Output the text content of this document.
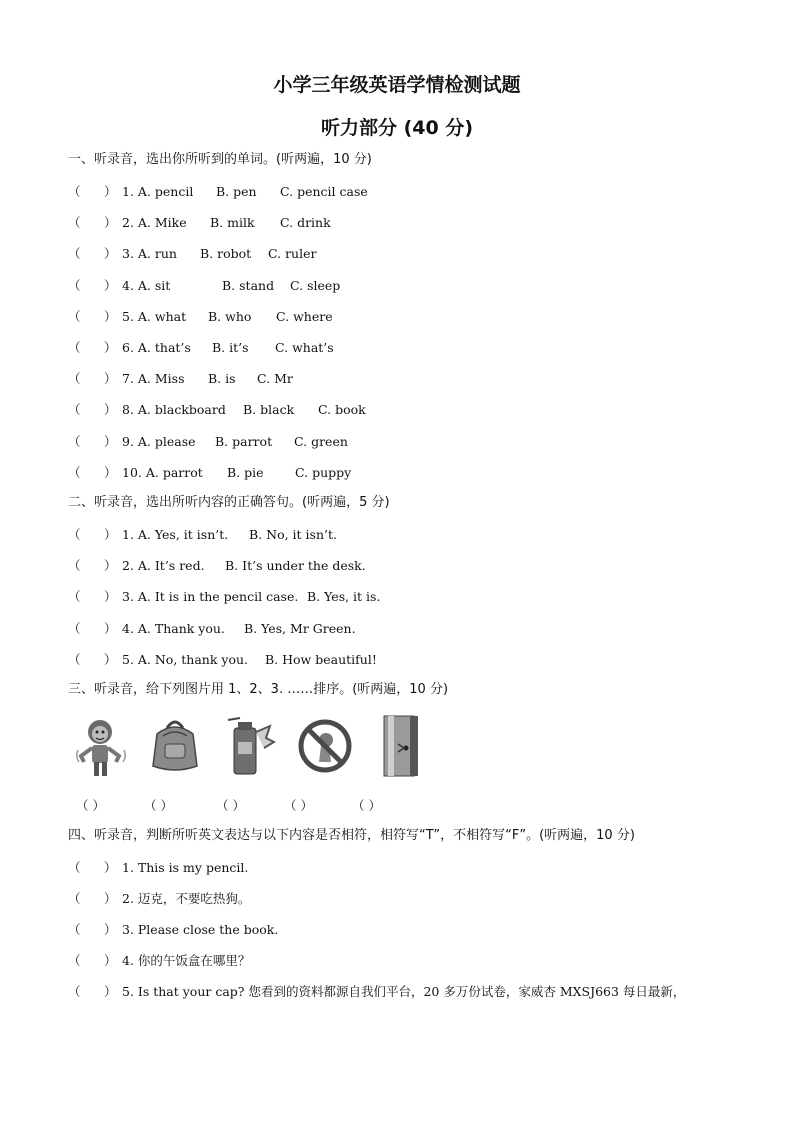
小学三年级英语学情检测试题
听力部分 (40 分)
一、听录音，选出你所听到的单词。(听两遍，10 分)
（ ） 1. A. pencil B. pen C. pencil case
（ ） 2. A. Mike B. milk C. drink
（ ） 3. A. run B. robot C. ruler
（ ） 4. A. sit	B. stand C. sleep
（ ） 5. A. what B. who C. where
（ ） 6. A. that’s B. it’s C. what’s
（ ） 7. A. Miss B. is C. Mr
（ ） 8. A. blackboard B. black C. book
（ ） 9. A. please B. parrot C. green
（ ） 10. A. parrot B. pie	C. puppy
二、听录音，选出所听内容的正确答句。(听两遍，5 分)
（ ） 1. A. Yes, it isn’t. B. No, it isn’t.
（ ） 2. A. It’s red. B. It’s under the desk.
（ ） 3. A. It is in the pencil case. B. Yes, it is.
（ ） 4. A. Thank you. B. Yes, Mr Green.
（ ） 5. A. No, thank you. B. How beautiful!
三、听录音，给下列图片用 1、2、3. ……排序。(听两遍，10 分)
（ ）	（ ）	（ ）	（ ）	（ ）
四、听录音，判断所听英文表达与以下内容是否相符，相符写“T”，不相符写“F”。(听两遍，10 分)
（ ） 1. This is my pencil.
（ ） 2. 迈克，不要吃热狗。
（ ） 3. Please close the book.
（ ） 4. 你的午饭盒在哪里？
（ ） 5. Is that your cap? 您看到的资料都源自我们平台，20 多万份试卷，家威杏 MXSJ663 每日最新，
